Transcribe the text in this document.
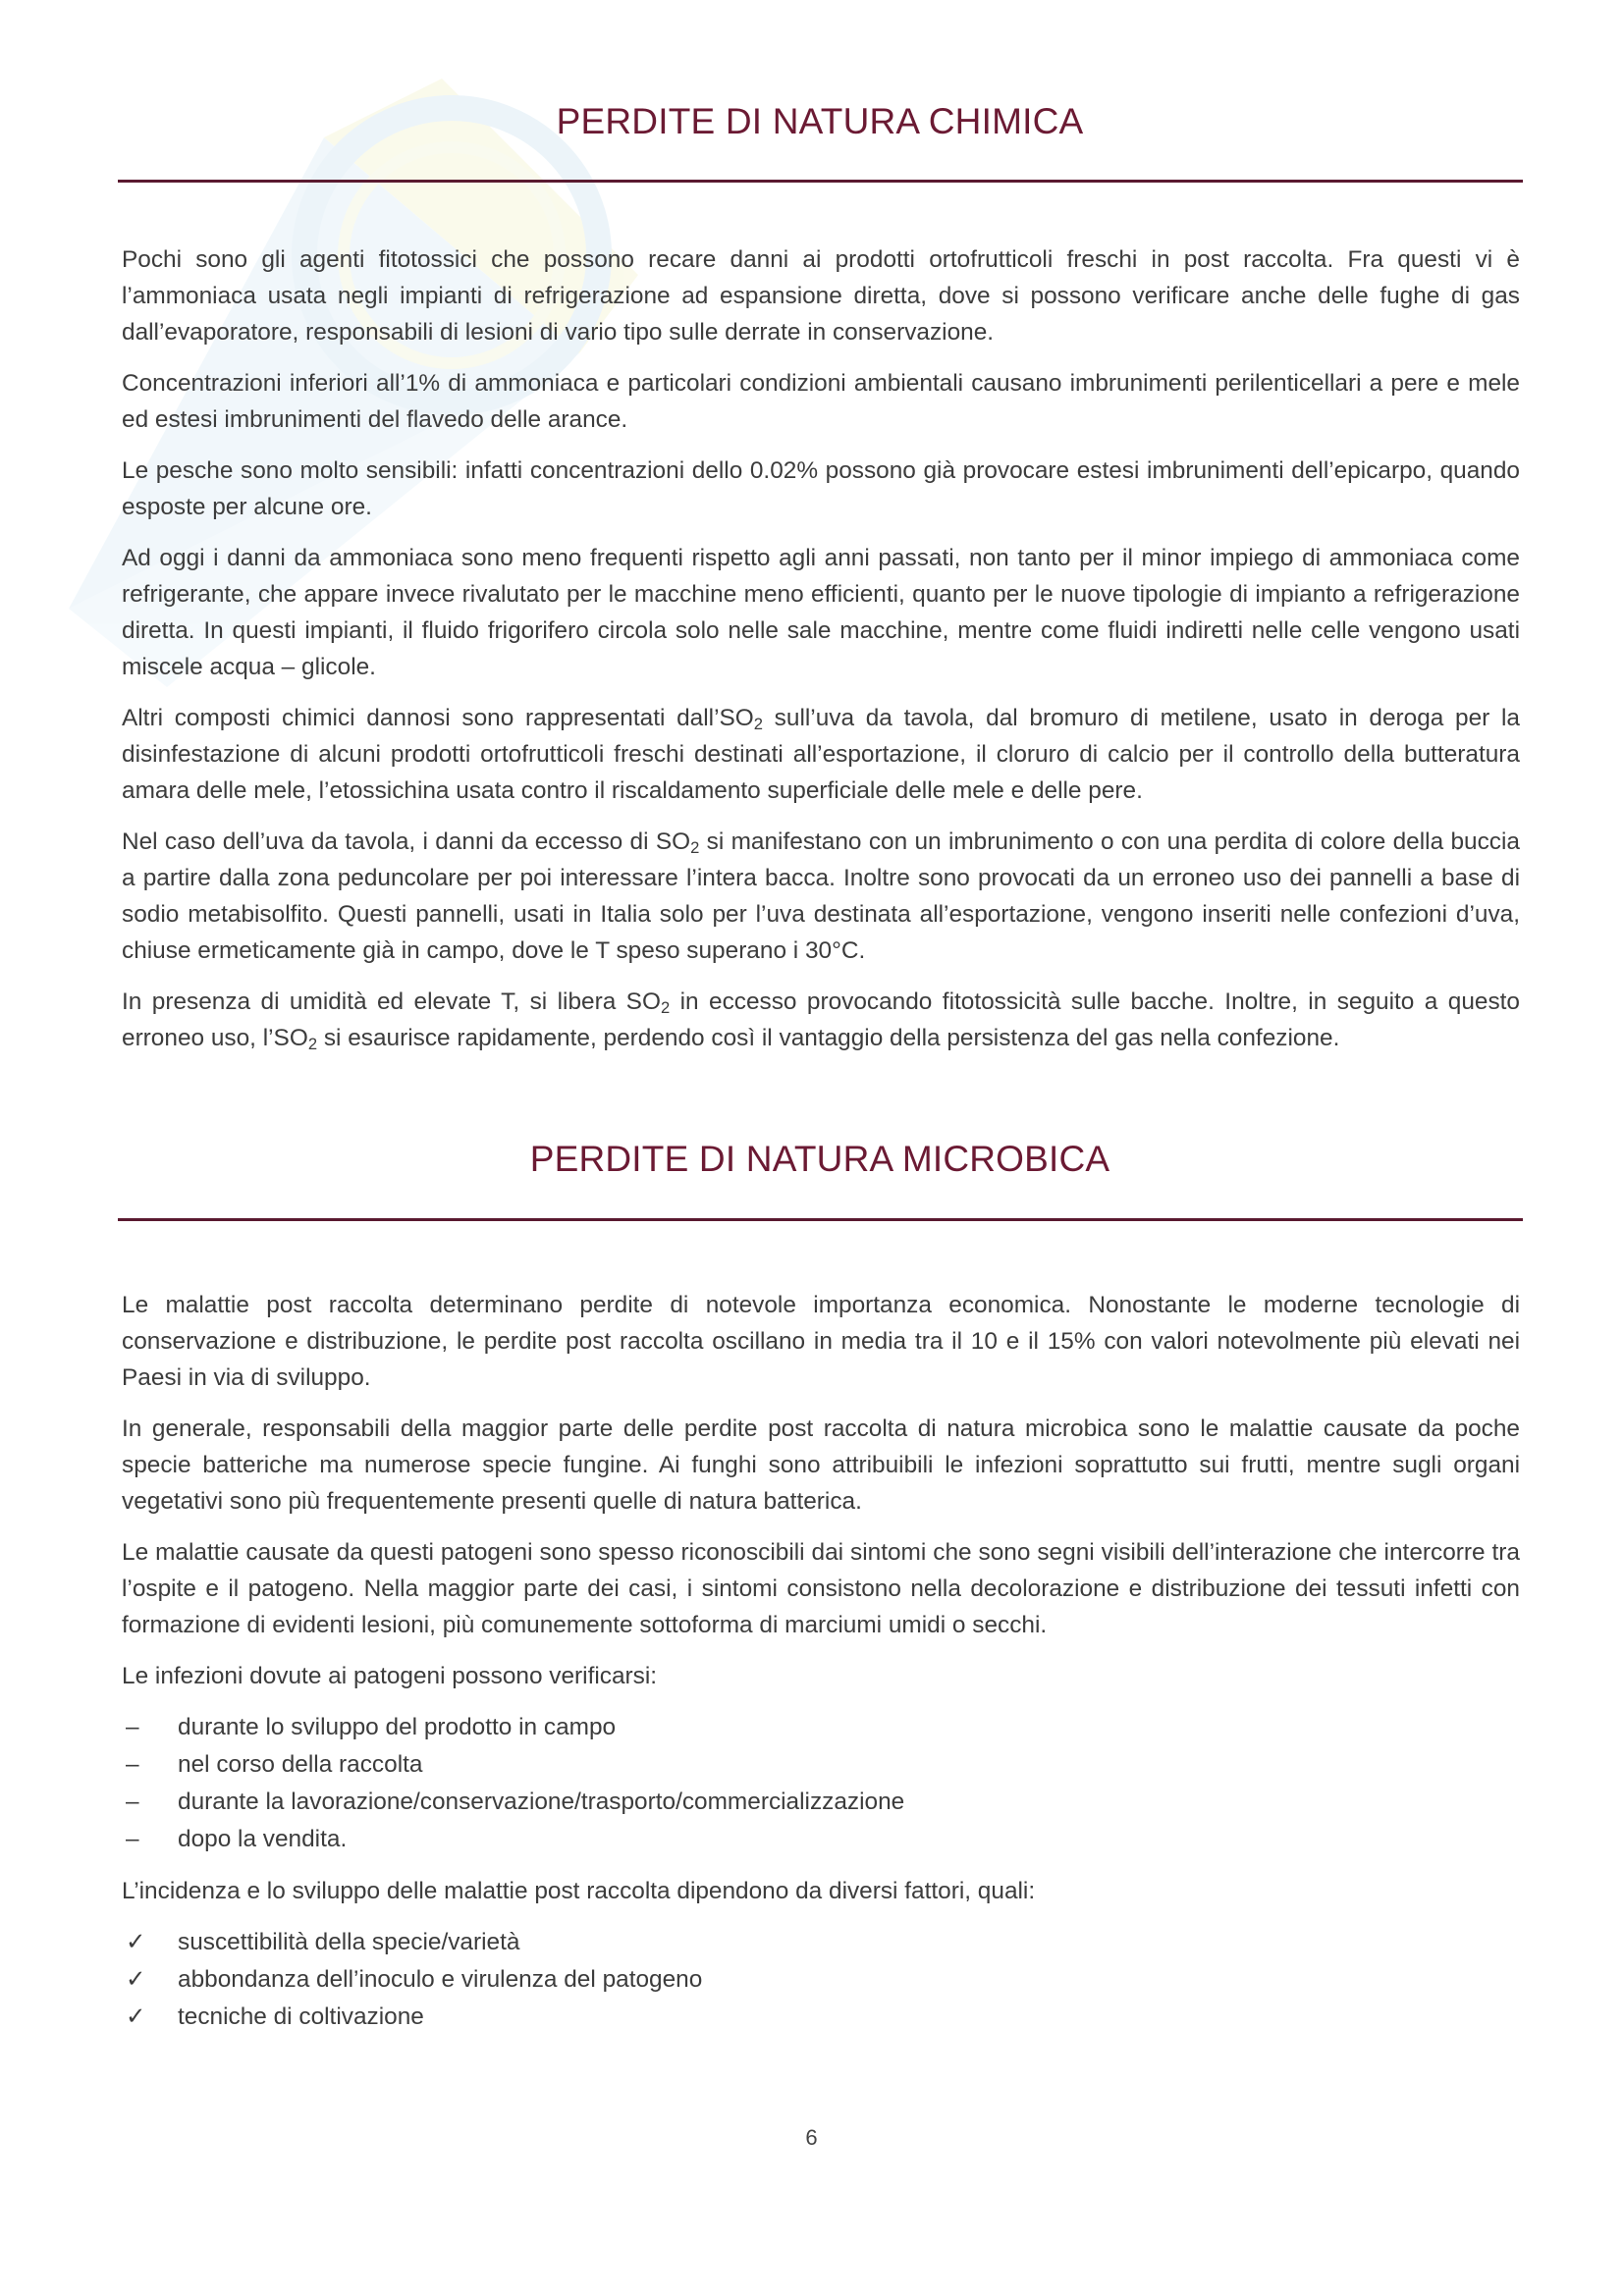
PERDITE DI NATURA CHIMICA

Pochi sono gli agenti fitotossici che possono recare danni ai prodotti ortofrutticoli freschi in post raccolta. Fra questi vi è l’ammoniaca usata negli impianti di refrigerazione ad espansione diretta, dove si possono verificare anche delle fughe di gas dall’evaporatore, responsabili di lesioni di vario tipo sulle derrate in conservazione.

Concentrazioni inferiori all’1% di ammoniaca e particolari condizioni ambientali causano imbrunimenti perilenticellari a pere e mele ed estesi imbrunimenti del flavedo delle arance.

Le pesche sono molto sensibili: infatti concentrazioni dello 0.02% possono già provocare estesi imbrunimenti dell’epicarpo, quando esposte per alcune ore.

Ad oggi i danni da ammoniaca sono meno frequenti rispetto agli anni passati, non tanto per il minor impiego di ammoniaca come refrigerante, che appare invece rivalutato per le macchine meno efficienti, quanto per le nuove tipologie di impianto a refrigerazione diretta. In questi impianti, il fluido frigorifero circola solo nelle sale macchine, mentre come fluidi indiretti nelle celle vengono usati miscele acqua – glicole.

Altri composti chimici dannosi sono rappresentati $dall’SO_2$ sull’uva da tavola, dal bromuro di metilene, usato in deroga per la disinfestazione di alcuni prodotti ortofrutticoli freschi destinati all’esportazione, il cloruro di calcio per il controllo della butteratura amara delle mele, l’etossichina usata contro il riscaldamento superficiale delle mele e delle pere.

Nel caso dell’uva da tavola, i danni da eccesso di $SO_2$ si manifestano con un imbrunimento o con una perdita di colore della buccia a partire dalla zona peduncolare per poi interessare l’intera bacca. Inoltre sono provocati da un erroneo uso dei pannelli a base di sodio metabisolfito. Questi pannelli, usati in Italia solo per l’uva destinata all’esportazione, vengono inseriti nelle confezioni d’uva, chiuse ermeticamente già in campo, dove le T speso superano i 30°C.

In presenza di umidità ed elevate T, si libera $SO_2$ in eccesso provocando fitotossicità sulle bacche. Inoltre, in seguito a questo erroneo uso, $l’SO_2$ si esaurisce rapidamente, perdendo così il vantaggio della persistenza del gas nella confezione.

PERDITE DI NATURA MICROBICA

Le malattie post raccolta determinano perdite di notevole importanza economica. Nonostante le moderne tecnologie di conservazione e distribuzione, le perdite post raccolta oscillano in media tra il 10 e il 15% con valori notevolmente più elevati nei Paesi in via di sviluppo.

In generale, responsabili della maggior parte delle perdite post raccolta di natura microbica sono le malattie causate da poche specie batteriche ma numerose specie fungine. Ai funghi sono attribuibili le infezioni soprattutto sui frutti, mentre sugli organi vegetativi sono più frequentemente presenti quelle di natura batterica.

Le malattie causate da questi patogeni sono spesso riconoscibili dai sintomi che sono segni visibili dell’interazione che intercorre tra l’ospite e il patogeno. Nella maggior parte dei casi, i sintomi consistono nella decolorazione e distribuzione dei tessuti infetti con formazione di evidenti lesioni, più comunemente sottoforma di marciumi umidi o secchi.

Le infezioni dovute ai patogeni possono verificarsi:

–	durante lo sviluppo del prodotto in campo
–	nel corso della raccolta
–	durante la lavorazione/conservazione/trasporto/commercializzazione
–	dopo la vendita.

L’incidenza e lo sviluppo delle malattie post raccolta dipendono da diversi fattori, quali:

✓	suscettibilità della specie/varietà
✓	abbondanza dell’inoculo e virulenza del patogeno
✓	tecniche di coltivazione
6
